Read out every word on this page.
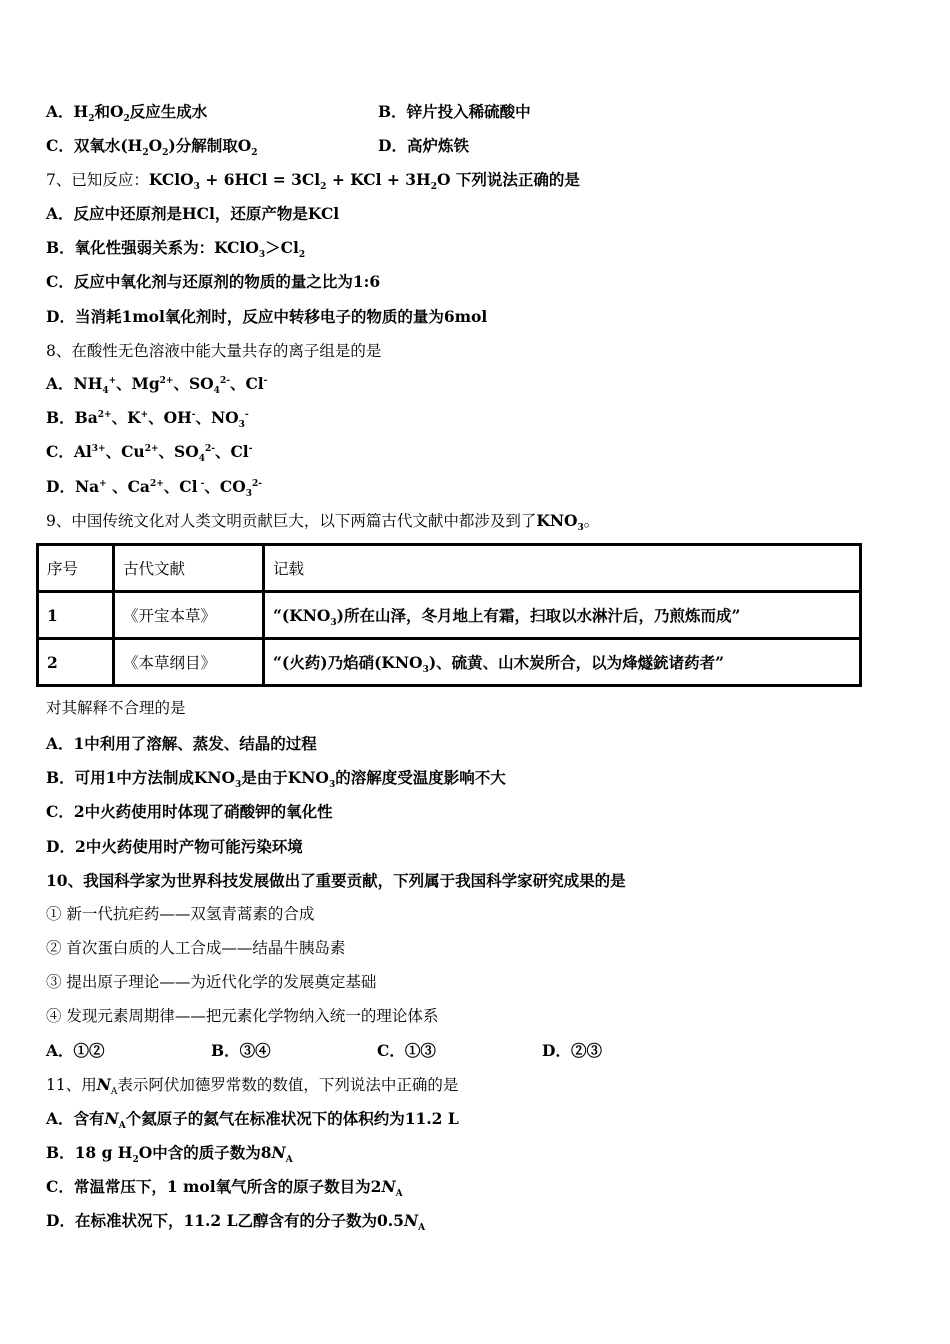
A．$H_2$和$O_2$反应生成水	B．锌片投入稀硫酸中
C．双氧水$(H_2O_2)$分解制取$O_2$	D．高炉炼铁
7、已知反应：KClO$_3$ + $6HCl = 3Cl_2$ + KCl + $3H_2O$ 下列说法正确的是
A．反应中还原剂是HCl，还原产物是KCl
B．氧化性强弱关系为：$KClO_3>Cl_2$
C．反应中氧化剂与还原剂的物质的量之比为1:6
D．当消耗1mol氧化剂时，反应中转移电子的物质的量为6mol
8、在酸性无色溶液中能大量共存的离子组是的是
A．$NH_4^+$、$Mg^{2+}$、$SO_4^{2-}$、Cl-
B．$Ba^{2+}$、K+、OH-、$NO_3^-$
C．$Al^{3+}$、$Cu^{2+}$、$SO_4^{2-}$、Cl-
D．Na+ 、$Ca^{2+}$、Cl -、$CO_3^{2-}$
9、中国传统文化对人类文明贡献巨大，以下两篇古代文献中都涉及到了$KNO_3$。
序号	古代文献	记载
1	《开宝本草》	“$(KNO_3)$所在山泽，冬月地上有霜，扫取以水淋汁后，乃煎炼而成”
2	《本草纲目》	“(火药)乃焰硝$(KNO_3)$、硫黄、山木炭所合，以为烽燧銃诸药者”
对其解释不合理的是
A．1中利用了溶解、蒸发、结晶的过程
B．可用1中方法制成$KNO_3$是由于$KNO_3$的溶解度受温度影响不大
C．2中火药使用时体现了硝酸钾的氧化性
D．2中火药使用时产物可能污染环境
10、我国科学家为世界科技发展做出了重要贡献，下列属于我国科学家研究成果的是
① 新一代抗疟药——双氢青蒿素的合成
② 首次蛋白质的人工合成——结晶牛胰岛素
③ 提出原子理论——为近代化学的发展奠定基础
④ 发现元素周期律——把元素化学物纳入统一的理论体系
A．①②	B．③④	C．①③	D．②③
11、用$N_A$表示阿伏加德罗常数的数值，下列说法中正确的是
A．含有$N_A$个氦原子的氦气在标准状况下的体积约为11.2 L
B．18 g $H_2O$中含的质子数为$8N_A$
C．常温常压下，1 mol氧气所含的原子数目为$2N_A$
D．在标准状况下，11.2 L乙醇含有的分子数为$0.5N_A$
